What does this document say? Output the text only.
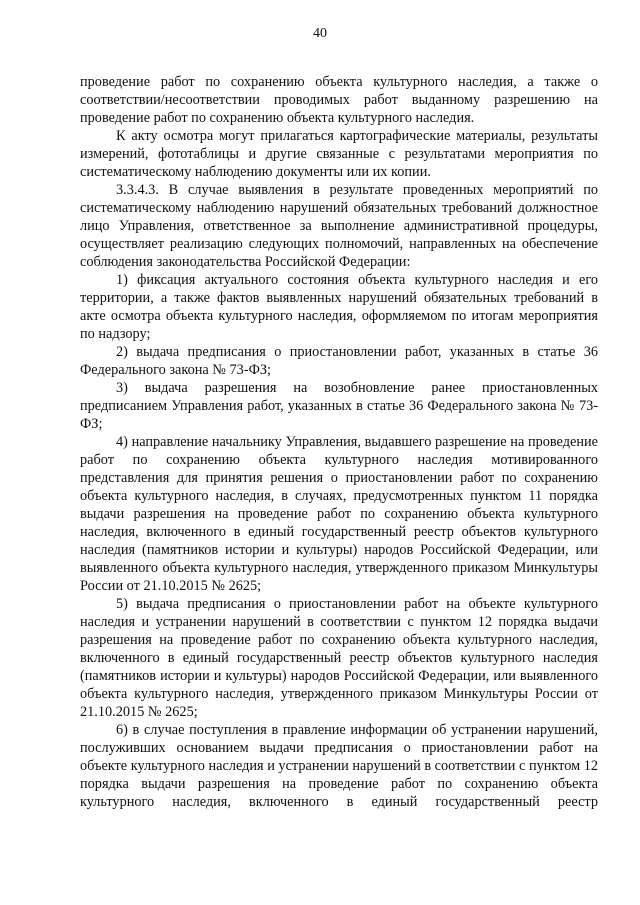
40

проведение работ по сохранению объекта культурного наследия, а также о соответствии/несоответствии проводимых работ выданному разрешению на проведение работ по сохранению объекта культурного наследия.

К акту осмотра могут прилагаться картографические материалы, результаты измерений, фототаблицы и другие связанные с результатами мероприятия по систематическому наблюдению документы или их копии.

3.3.4.3. В случае выявления в результате проведенных мероприятий по систематическому наблюдению нарушений обязательных требований должностное лицо Управления, ответственное за выполнение административной процедуры, осуществляет реализацию следующих полномочий, направленных на обеспечение соблюдения законодательства Российской Федерации:

1) фиксация актуального состояния объекта культурного наследия и его территории, а также фактов выявленных нарушений обязательных требований в акте осмотра объекта культурного наследия, оформляемом по итогам мероприятия по надзору;

2) выдача предписания о приостановлении работ, указанных в статье 36 Федерального закона № 73-ФЗ;

3) выдача разрешения на возобновление ранее приостановленных предписанием Управления работ, указанных в статье 36 Федерального закона № 73-ФЗ;

4) направление начальнику Управления, выдавшего разрешение на проведение работ по сохранению объекта культурного наследия мотивированного представления для принятия решения о приостановлении работ по сохранению объекта культурного наследия, в случаях, предусмотренных пунктом 11 порядка выдачи разрешения на проведение работ по сохранению объекта культурного наследия, включенного в единый государственный реестр объектов культурного наследия (памятников истории и культуры) народов Российской Федерации, или выявленного объекта культурного наследия, утвержденного приказом Минкультуры России от 21.10.2015 № 2625;

5) выдача предписания о приостановлении работ на объекте культурного наследия и устранении нарушений в соответствии с пунктом 12 порядка выдачи разрешения на проведение работ по сохранению объекта культурного наследия, включенного в единый государственный реестр объектов культурного наследия (памятников истории и культуры) народов Российской Федерации, или выявленного объекта культурного наследия, утвержденного приказом Минкультуры России от 21.10.2015 № 2625;

6) в случае поступления в правление информации об устранении нарушений, послуживших основанием выдачи предписания о приостановлении работ на объекте культурного наследия и устранении нарушений в соответствии с пунктом 12 порядка выдачи разрешения на проведение работ по сохранению объекта культурного наследия, включенного в единый государственный реестр
